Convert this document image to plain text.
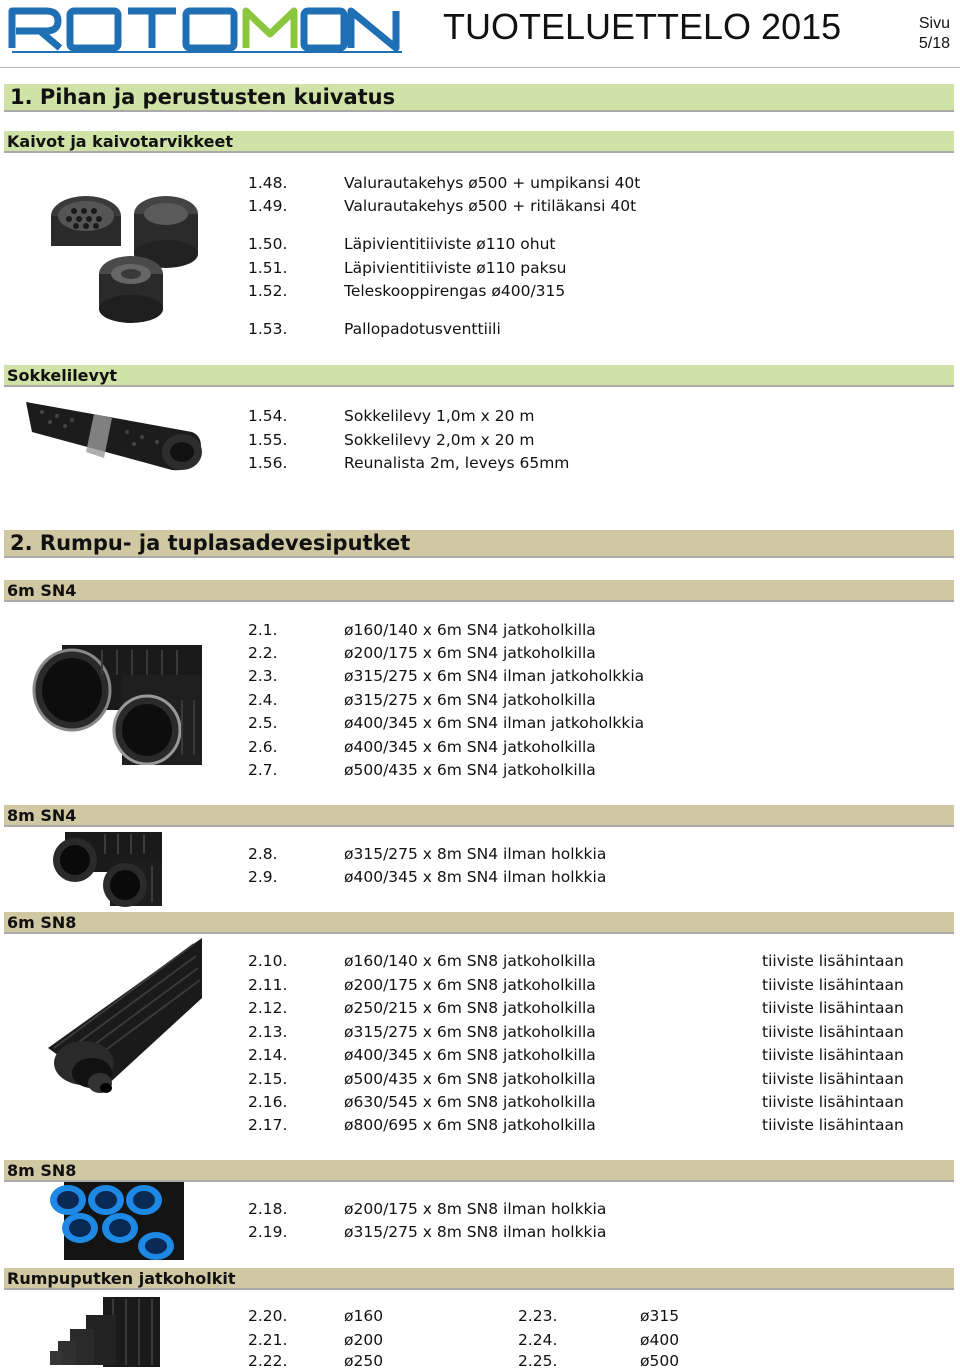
TUOTELUETTELO 2015	Sivu
5/18
1. Pihan ja perustusten kuivatus
Kaivot ja kaivotarvikkeet
1.48.	Valurautakehys ø500 + umpikansi 40t
1.49.	Valurautakehys ø500 + ritiläkansi 40t
1.50.	Läpivientitiiviste ø110 ohut
1.51.	Läpivientitiiviste ø110 paksu
1.52.	Teleskooppirengas ø400/315
1.53.	Pallopadotusventtiili
Sokkelilevyt
1.54.	Sokkelilevy 1,0m x 20 m
1.55.	Sokkelilevy 2,0m x 20 m
1.56.	Reunalista 2m, leveys 65mm
2. Rumpu- ja tuplasadevesiputket
6m SN4
2.1.	ø160/140 x 6m SN4 jatkoholkilla
2.2.	ø200/175 x 6m SN4 jatkoholkilla
2.3.	ø315/275 x 6m SN4 ilman jatkoholkkia
2.4.	ø315/275 x 6m SN4 jatkoholkilla
2.5.	ø400/345 x 6m SN4 ilman jatkoholkkia
2.6.	ø400/345 x 6m SN4 jatkoholkilla
2.7.	ø500/435 x 6m SN4 jatkoholkilla
8m SN4
2.8.	ø315/275 x 8m SN4 ilman holkkia
2.9.	ø400/345 x 8m SN4 ilman holkkia
6m SN8
2.10.	ø160/140 x 6m SN8 jatkoholkilla	tiiviste lisähintaan
2.11.	ø200/175 x 6m SN8 jatkoholkilla	tiiviste lisähintaan
2.12.	ø250/215 x 6m SN8 jatkoholkilla	tiiviste lisähintaan
2.13.	ø315/275 x 6m SN8 jatkoholkilla	tiiviste lisähintaan
2.14.	ø400/345 x 6m SN8 jatkoholkilla	tiiviste lisähintaan
2.15.	ø500/435 x 6m SN8 jatkoholkilla	tiiviste lisähintaan
2.16.	ø630/545 x 6m SN8 jatkoholkilla	tiiviste lisähintaan
2.17.	ø800/695 x 6m SN8 jatkoholkilla	tiiviste lisähintaan
8m SN8
2.18.	ø200/175 x 8m SN8 ilman holkkia
2.19.	ø315/275 x 8m SN8 ilman holkkia
Rumpuputken jatkoholkit
2.20.	ø160	2.23.	ø315
2.21.	ø200	2.24.	ø400
2.22.	ø250	2.25.	ø500
